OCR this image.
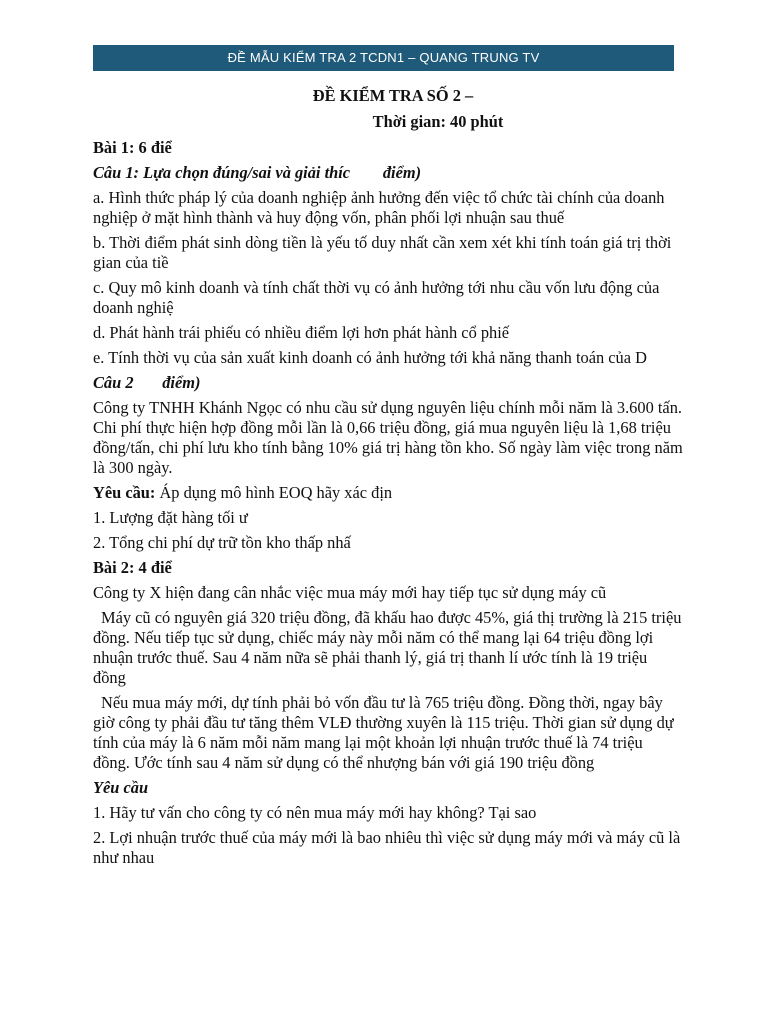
ĐỀ MẪU KIỂM TRA 2 TCDN1 – QUANG TRUNG TV
ĐỀ KIỂM TRA SỐ 2 –
Thời gian: 40 phút
Bài 1: 6 điể
Câu 1: Lựa chọn đúng/sai và giải thíc        điểm)
a. Hình thức pháp lý của doanh nghiệp ảnh hưởng đến việc tổ chức tài chính của doanh nghiệp ở mặt hình thành và huy động vốn, phân phối lợi nhuận sau thuế
b. Thời điểm phát sinh dòng tiền là yếu tố duy nhất cần xem xét khi tính toán giá trị thời gian của tiề
c. Quy mô kinh doanh và tính chất thời vụ có ảnh hưởng tới nhu cầu vốn lưu động của doanh nghiệ
d. Phát hành trái phiếu có nhiều điểm lợi hơn phát hành cổ phiế
e. Tính thời vụ của sản xuất kinh doanh có ảnh hưởng tới khả năng thanh toán của D
Câu 2       điểm)
Công ty TNHH Khánh Ngọc có nhu cầu sử dụng nguyên liệu chính mỗi năm là 3.600 tấn. Chi phí thực hiện hợp đồng mỗi lần là 0,66 triệu đồng, giá mua nguyên liệu là 1,68 triệu đồng/tấn, chi phí lưu kho tính bằng 10% giá trị hàng tồn kho. Số ngày làm việc trong năm là 300 ngày.
Yêu cầu: Áp dụng mô hình EOQ hãy xác địn
1. Lượng đặt hàng tối ư
2. Tổng chi phí dự trữ tồn kho thấp nhấ
Bài 2: 4 điể
Công ty X hiện đang cân nhắc việc mua máy mới hay tiếp tục sử dụng máy cũ
Máy cũ có nguyên giá 320 triệu đồng, đã khấu hao được 45%, giá thị trường là 215 triệu đồng. Nếu tiếp tục sử dụng, chiếc máy này mỗi năm có thể mang lại 64 triệu đồng lợi nhuận trước thuế. Sau 4 năm nữa sẽ phải thanh lý, giá trị thanh lí ước tính là 19 triệu đồng
Nếu mua máy mới, dự tính phải bỏ vốn đầu tư là 765 triệu đồng. Đồng thời, ngay bây giờ công ty phải đầu tư tăng thêm VLĐ thường xuyên là 115 triệu. Thời gian sử dụng dự tính của máy là 6 năm mỗi năm mang lại một khoản lợi nhuận trước thuế là 74 triệu đồng. Ước tính sau 4 năm sử dụng có thể nhượng bán với giá 190 triệu đồng
Yêu cầu
1. Hãy tư vấn cho công ty có nên mua máy mới hay không? Tại sao
2. Lợi nhuận trước thuế của máy mới là bao nhiêu thì việc sử dụng máy mới và máy cũ là như nhau
